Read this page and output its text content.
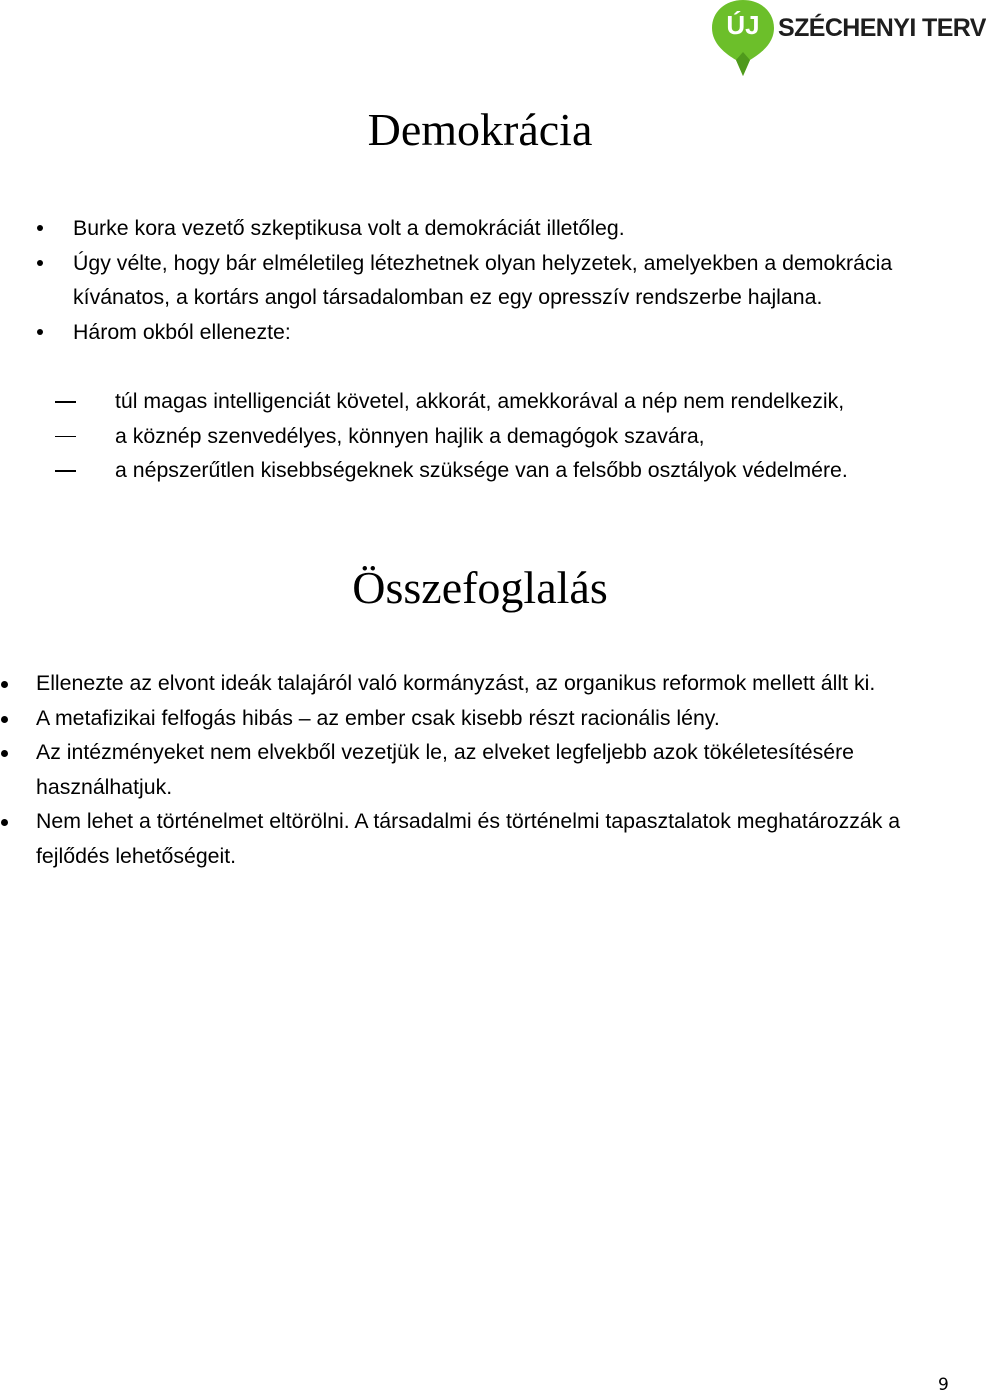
ÚJ SZÉCHENYI TERV
Demokrácia
Burke kora vezető szkeptikusa volt a demokráciát illetőleg.
Úgy vélte, hogy bár elméletileg létezhetnek olyan helyzetek, amelyekben a demokrácia kívánatos, a kortárs angol társadalomban ez egy opresszív rendszerbe hajlana.
Három okból ellenezte:
túl magas intelligenciát követel, akkorát, amekkorával a nép nem rendelkezik,
a köznép szenvedélyes, könnyen hajlik a demagógok szavára,
a népszerűtlen kisebbségeknek szüksége van a felsőbb osztályok védelmére.
Összefoglalás
Ellenezte az elvont ideák talajáról való kormányzást, az organikus reformok mellett állt ki.
A metafizikai felfogás hibás – az ember csak kisebb részt racionális lény.
Az intézményeket nem elvekből vezetjük le, az elveket legfeljebb azok tökéletesítésére használhatjuk.
Nem lehet a történelmet eltörölni. A társadalmi és történelmi tapasztalatok meghatározzák a fejlődés lehetőségeit.
9
